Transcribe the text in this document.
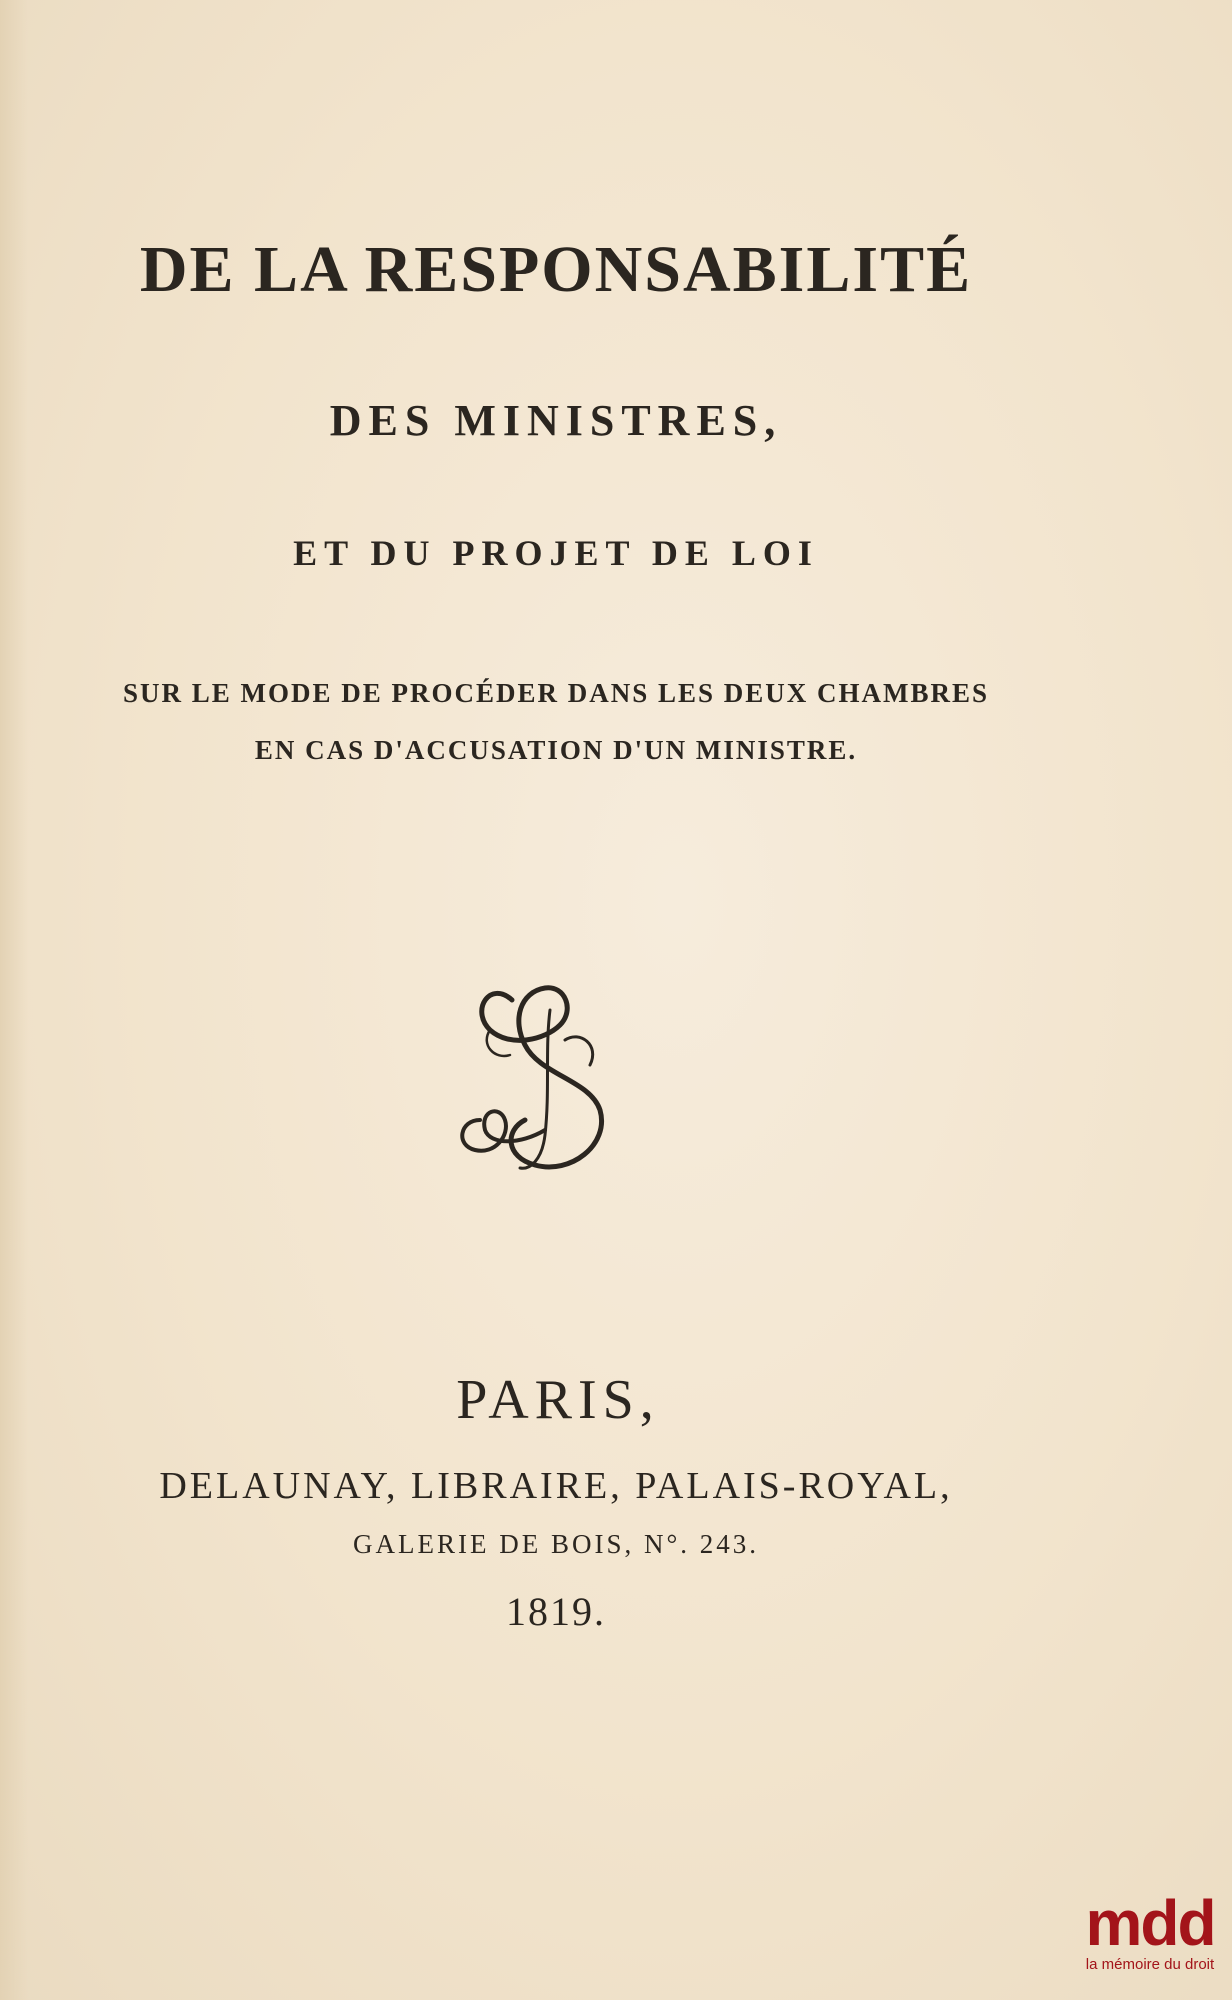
DE LA RESPONSABILITÉ
DES MINISTRES,
ET DU PROJET DE LOI
SUR LE MODE DE PROCÉDER DANS LES DEUX CHAMBRES
EN CAS D'ACCUSATION D'UN MINISTRE.
PARIS,
DELAUNAY, LIBRAIRE, PALAIS-ROYAL,
GALERIE DE BOIS, N°. 243.
1819.
mdd
la mémoire du droit
